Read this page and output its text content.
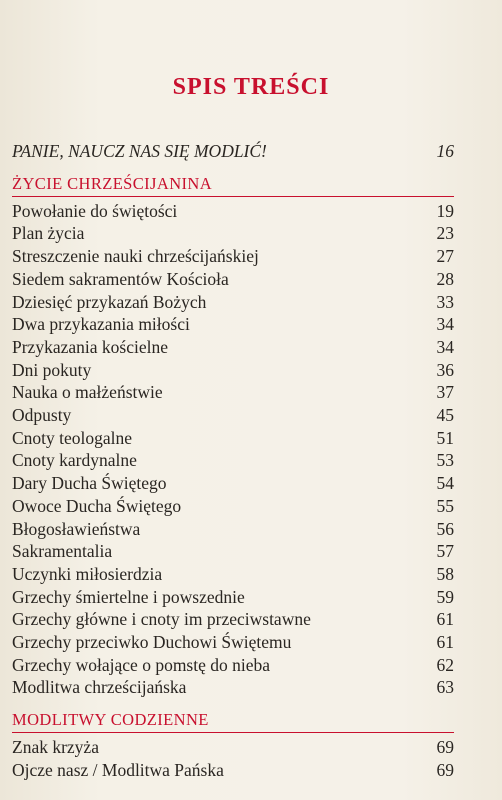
SPIS TREŚCI
PANIE, NAUCZ NAS SIĘ MODLIĆ!	16
ŻYCIE CHRZEŚCIJANINA
Powołanie do świętości	19
Plan życia	23
Streszczenie nauki chrześcijańskiej	27
Siedem sakramentów Kościoła	28
Dziesięć przykazań Bożych	33
Dwa przykazania miłości	34
Przykazania kościelne	34
Dni pokuty	36
Nauka o małżeństwie	37
Odpusty	45
Cnoty teologalne	51
Cnoty kardynalne	53
Dary Ducha Świętego	54
Owoce Ducha Świętego	55
Błogosławieństwa	56
Sakramentalia	57
Uczynki miłosierdzia	58
Grzechy śmiertelne i powszednie	59
Grzechy główne i cnoty im przeciwstawne	61
Grzechy przeciwko Duchowi Świętemu	61
Grzechy wołające o pomstę do nieba	62
Modlitwa chrześcijańska	63
MODLITWY CODZIENNE
Znak krzyża	69
Ojcze nasz / Modlitwa Pańska	69
